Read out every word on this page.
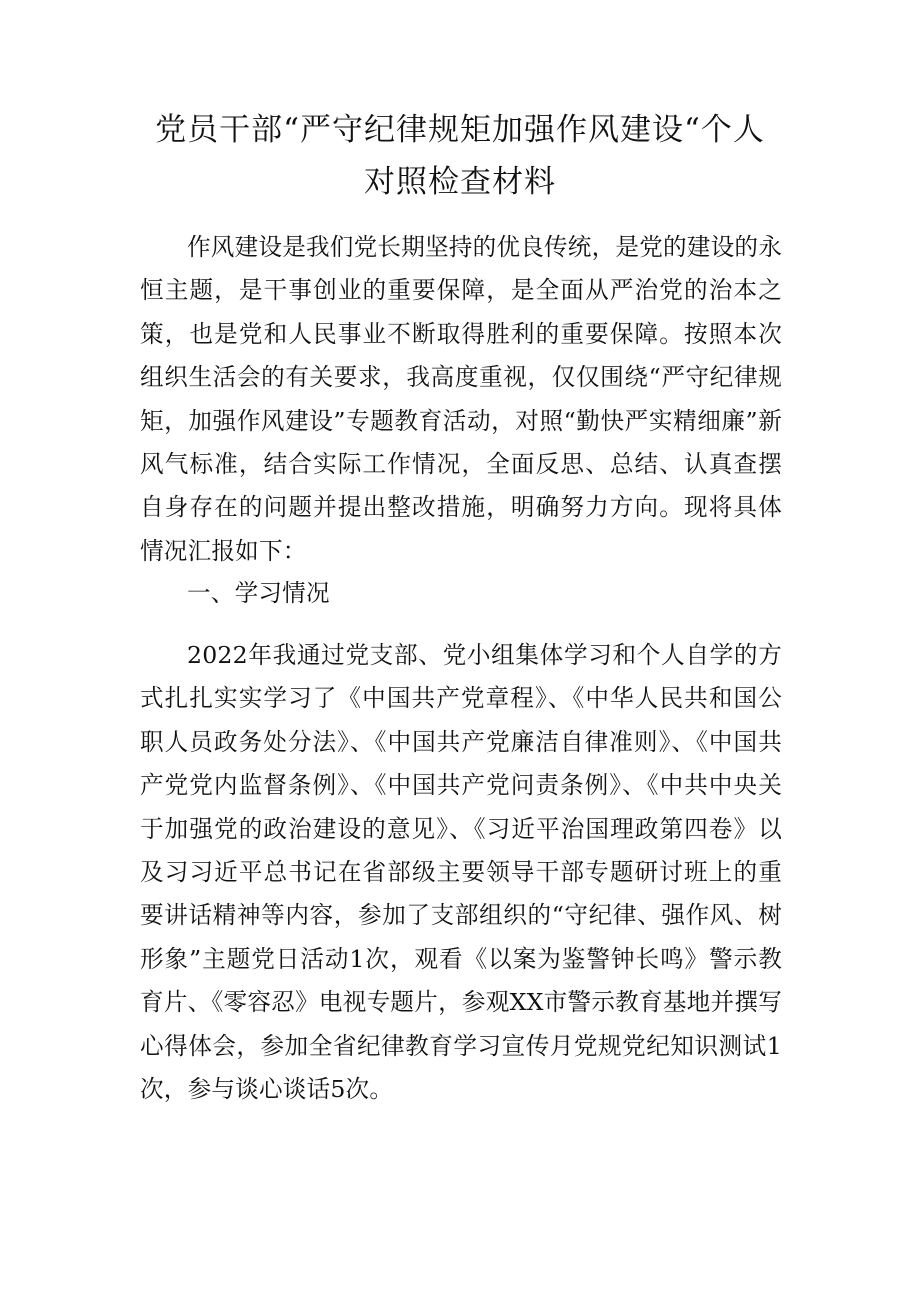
党员干部“严守纪律规矩加强作风建设“个人对照检查材料

作风建设是我们党长期坚持的优良传统，是党的建设的永恒主题，是干事创业的重要保障，是全面从严治党的治本之策，也是党和人民事业不断取得胜利的重要保障。按照本次组织生活会的有关要求，我高度重视，仅仅围绕“严守纪律规矩，加强作风建设”专题教育活动，对照“勤快严实精细廉”新风气标准，结合实际工作情况，全面反思、总结、认真查摆自身存在的问题并提出整改措施，明确努力方向。现将具体情况汇报如下：

一、学习情况

2022年我通过党支部、党小组集体学习和个人自学的方式扎扎实实学习了《中国共产党章程》、《中华人民共和国公职人员政务处分法》、《中国共产党廉洁自律准则》、《中国共产党党内监督条例》、《中国共产党问责条例》、《中共中央关于加强党的政治建设的意见》、《习近平治国理政第四卷》以及习习近平总书记在省部级主要领导干部专题研讨班上的重要讲话精神等内容，参加了支部组织的“守纪律、强作风、树形象”主题党日活动1次，观看《以案为鉴警钟长鸣》警示教育片、《零容忍》电视专题片，参观XX市警示教育基地并撰写心得体会，参加全省纪律教育学习宣传月党规党纪知识测试1次，参与谈心谈话5次。
